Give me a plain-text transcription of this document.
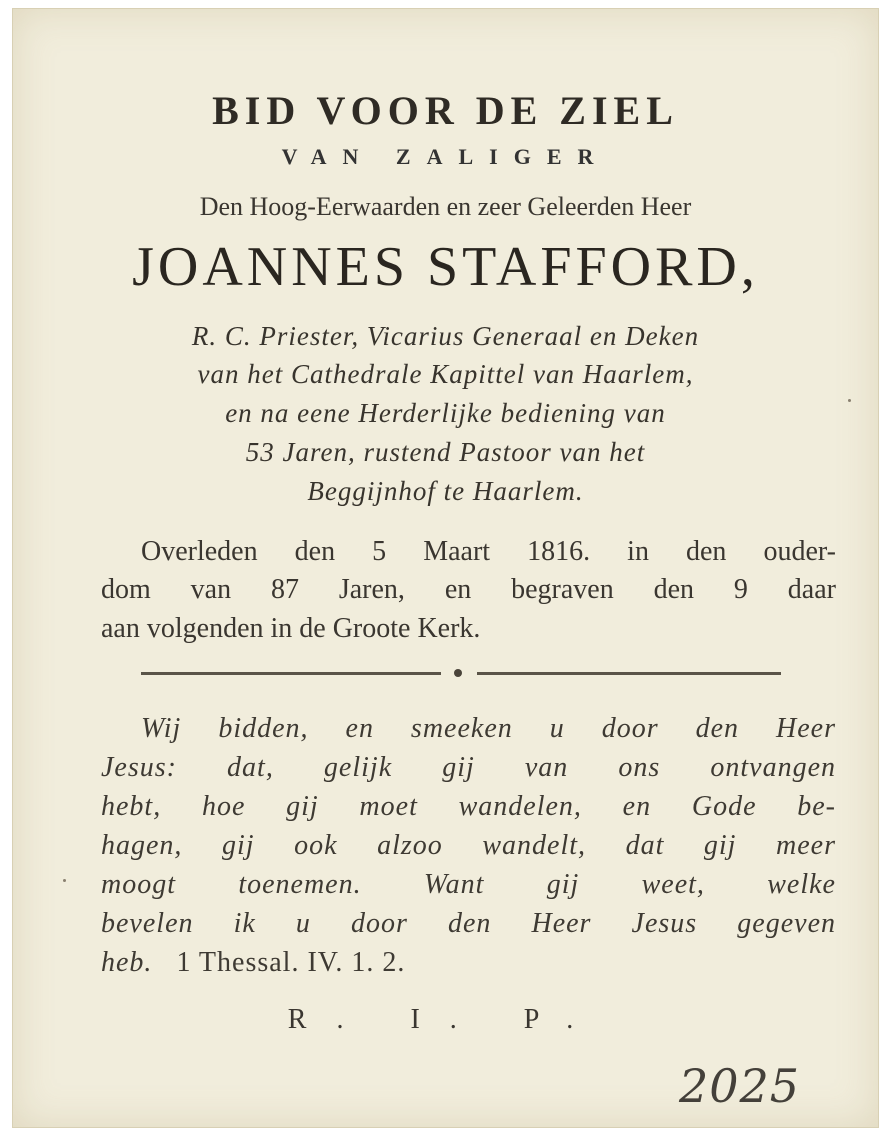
BID VOOR DE ZIEL
VAN ZALIGER
Den Hoog-Eerwaarden en zeer Geleerden Heer
JOANNES STAFFORD,
R. C. Priester, Vicarius Generaal en Deken
van het Cathedrale Kapittel van Haarlem,
en na eene Herderlijke bediening van
53 Jaren, rustend Pastoor van het
Beggijnhof te Haarlem.
Overleden den 5 Maart 1816. in den ouder-
dom van 87 Jaren, en begraven den 9 daar
aan volgenden in de Groote Kerk.
Wij bidden, en smeeken u door den Heer
Jesus: dat, gelijk gij van ons ontvangen
hebt, hoe gij moet wandelen, en Gode be-
hagen, gij ook alzoo wandelt, dat gij meer
moogt toenemen. Want gij weet, welke
bevelen ik u door den Heer Jesus gegeven
heb. 1 Thessal. IV. 1. 2.
R. I. P.
2025
